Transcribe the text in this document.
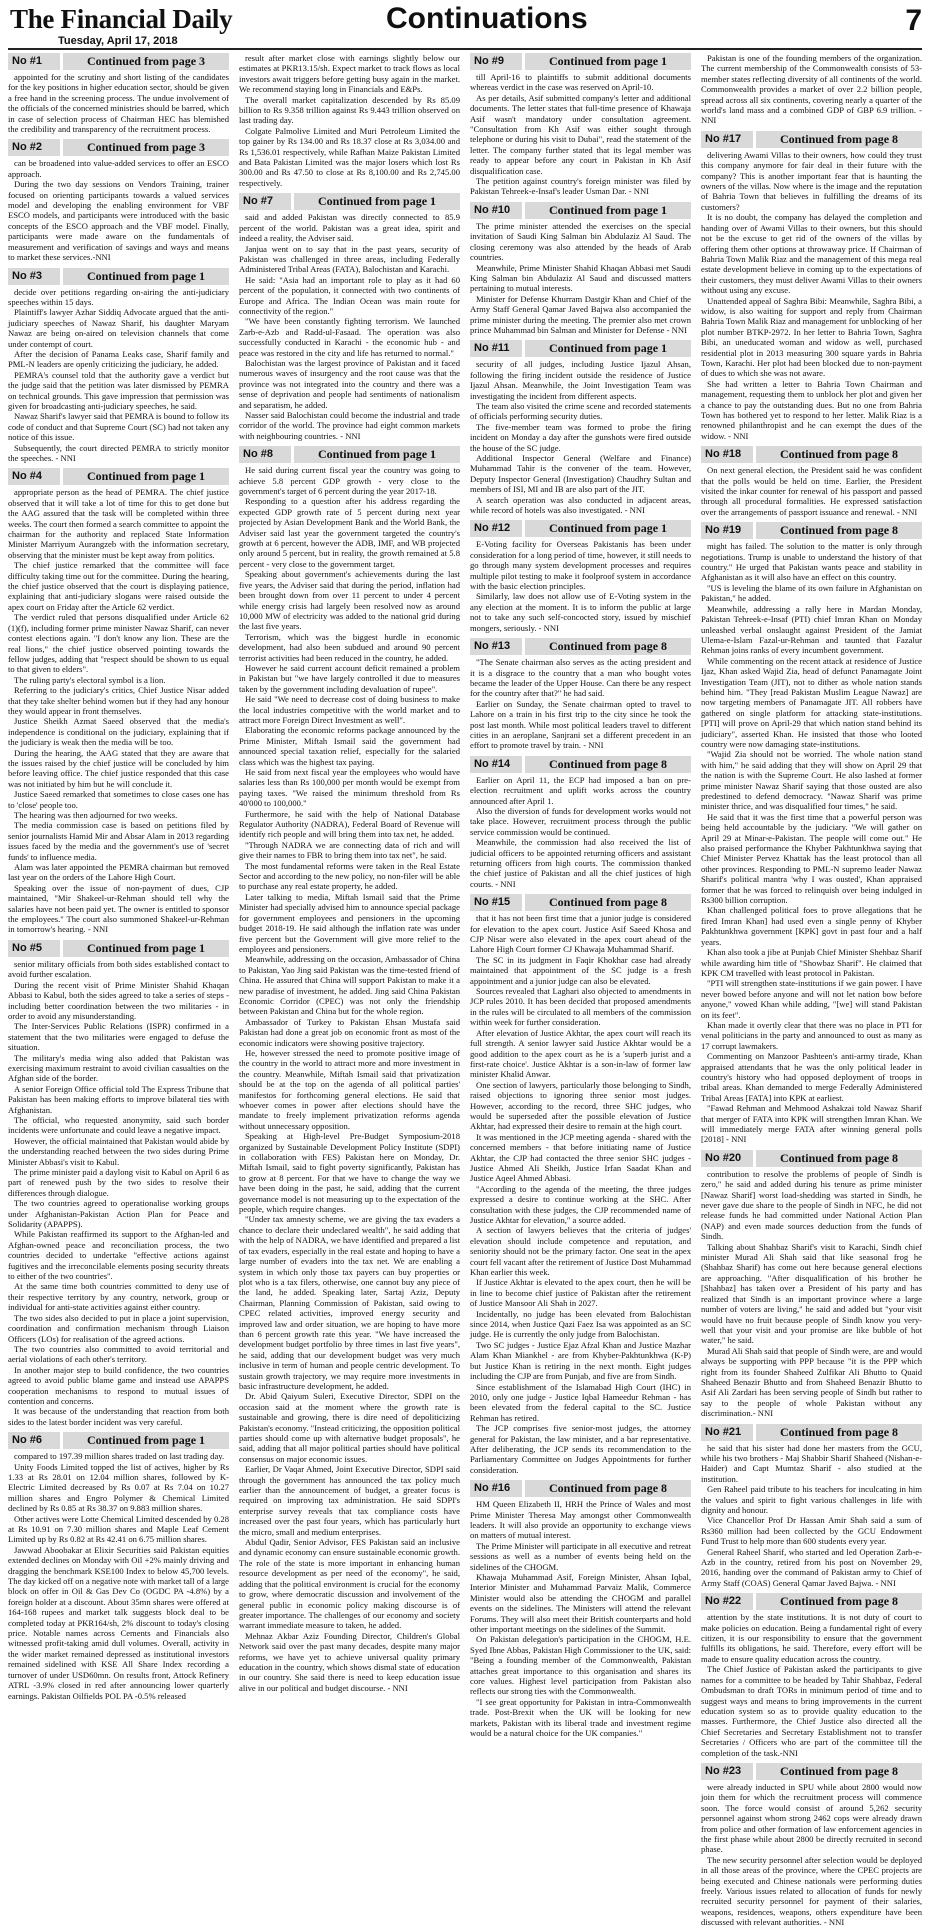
The Financial Daily
Tuesday, April 17, 2018
Continuations	7
No #1	Continued from page 3

appointed for the scrutiny and short listing of the candidates for the key positions in higher education sector, should be given a free hand in the screening process. The undue involvement of the officials of the concerned ministries should be barred, which in case of selection process of Chairman HEC has blemished the credibility and transparency of the recruitment process.

No #2	Continued from page 3

can be broadened into value-added services to offer an ESCO approach.

During the two day sessions on Vendors Training, trainer focused on orienting participants towards a valued services model and developing the enabling environment for VBF ESCO models, and participants were introduced with the basic concepts of the ESCO approach and the VBF model. Finally, participants were made aware on the fundamentals of measurement and verification of savings and ways and means to market these services.-NNI

No #3	Continued from page 1

decide over petitions regarding on-airing the anti-judiciary speeches within 15 days.

Plaintiff's lawyer Azhar Siddiq Advocate argued that the anti-judiciary speeches of Nawaz Sharif, his daughter Maryam Nawaz are being on-aired on television channels that come under contempt of court.

After the decision of Panama Leaks case, Sharif family and PML-N leaders are openly criticizing the judiciary, he added.

PEMRA's counsel told that the authority gave a verdict but the judge said that the petition was later dismissed by PEMRA on technical grounds. This gave impression that permission was given for broadcasting anti-judiciary speeches, he said.

Nawaz Sharif's lawyer said that PEMRA is bound to follow its code of conduct and that Supreme Court (SC) had not taken any notice of this issue.

Subsequently, the court directed PEMRA to strictly monitor the speeches. - NNI

No #4	Continued from page 1

appropriate person as the head of PEMRA. The chief justice observed that it will take a lot of time for this to get done but the AAG assured that the task will be completed within three weeks. The court then formed a search committee to appoint the chairman for the authority and replaced State Information Minister Marriyum Aurangzeb with the information secretary, observing that the minister must be kept away from politics.

The chief justice remarked that the committee will face difficulty taking time out for the committee. During the hearing, the chief justice observed that the court is displaying patience, explaining that anti-judiciary slogans were raised outside the apex court on Friday after the Article 62 verdict.

The verdict ruled that persons disqualified under Article 62 (1)(f), including former prime minister Nawaz Sharif, can never contest elections again. "I don't know any lion. These are the real lions," the chief justice observed pointing towards the fellow judges, adding that "respect should be shown to us equal to that given to elders".

The ruling party's electoral symbol is a lion.

Referring to the judiciary's critics, Chief Justice Nisar added that they take shelter behind women but if they had any honour they would appear in front themselves.

Justice Sheikh Azmat Saeed observed that the media's independence is conditional on the judiciary, explaining that if the judiciary is weak then the media will be too.

During the hearing, the AAG stated that they are aware that the issues raised by the chief justice will be concluded by him before leaving office. The chief justice responded that this case was not initiated by him but he will conclude it.

Justice Saeed remarked that sometimes to close cases one has to 'close' people too.

The hearing was then adjourned for two weeks.

The media commission case is based on petitions filed by senior journalists Hamid Mir and Absar Alam in 2013 regarding issues faced by the media and the government's use of 'secret funds' to influence media.

Alam was later appointed the PEMRA chairman but removed last year on the orders of the Lahore High Court.

Speaking over the issue of non-payment of dues, CJP maintained, "Mir Shakeel-ur-Rehman should tell why the salaries have not been paid yet. The owner is entitled to sponsor the employees." The court also summoned Shakeel-ur-Rehman in tomorrow's hearing. - NNI

No #5	Continued from page 1

senior military officials from both sides established contact to avoid further escalation.

During the recent visit of Prime Minister Shahid Khaqan Abbasi to Kabul, both the sides agreed to take a series of steps - including better coordination between the two militaries - in order to avoid any misunderstanding.

The Inter-Services Public Relations (ISPR) confirmed in a statement that the two militaries were engaged to defuse the situation.

The military's media wing also added that Pakistan was exercising maximum restraint to avoid civilian casualties on the Afghan side of the border.

A senior Foreign Office official told The Express Tribune that Pakistan has been making efforts to improve bilateral ties with Afghanistan.

The official, who requested anonymity, said such border incidents were unfortunate and could leave a negative impact.

However, the official maintained that Pakistan would abide by the understanding reached between the two sides during Prime Minister Abbasi's visit to Kabul.

The prime minister paid a daylong visit to Kabul on April 6 as part of renewed push by the two sides to resolve their differences through dialogue.

The two countries agreed to operationalise working groups under Afghanistan-Pakistan Action Plan for Peace and Solidarity (APAPPS).

While Pakistan reaffirmed its support to the Afghan-led and Afghan-owned peace and reconciliation process, the two countries decided to undertake "effective actions against fugitives and the irreconcilable elements posing security threats to either of the two countries".

At the same time both countries committed to deny use of their respective territory by any country, network, group or individual for anti-state activities against either country.

The two sides also decided to put in place a joint supervision, coordination and confirmation mechanism through Liaison Officers (LOs) for realisation of the agreed actions.

The two countries also committed to avoid territorial and aerial violations of each other's territory.

In another major step to build confidence, the two countries agreed to avoid public blame game and instead use APAPPS cooperation mechanisms to respond to mutual issues of contention and concerns.

It was because of the understanding that reaction from both sides to the latest border incident was very careful.

No #6	Continued from page 1

compared to 197.39 million shares traded on last trading day.

Unity Foods Limited topped the list of actives, higher by Rs 1.33 at Rs 28.01 on 12.04 million shares, followed by K-Electric Limited decreased by Rs 0.07 at Rs 7.04 on 10.27 million shares and Engro Polymer & Chemical Limited declined by Rs 0.85 at Rs 38.37 on 9.883 million shares.

Other actives were Lotte Chemical Limited descended by 0.28 at Rs 10.91 on 7.30 million shares and Maple Leaf Cement Limited up by Rs 0.82 at Rs 42.41 on 6.75 million shares.

Jawwad Aboobakar at Elixir Securities said Pakistan equities extended declines on Monday with Oil +2% mainly driving and dragging the benchmark KSE100 Index to below 45,700 levels. The day kicked off on a negative note with market tall of a large block on offer in Oil & Gas Dev Co (OGDC PA -4.8%) by a foreign holder at a discount. About 35mn shares were offered at 164-168 rupees and market talk suggests block deal to be completed today at PKR164/sh, 2% discount to today's closing price. Notable names across Cements and Financials also witnessed profit-taking amid dull volumes. Overall, activity in the wider market remained depressed as institutional investors remained sidelined with KSE All Share Index recording a turnover of under USD60mn. On results front, Attock Refinery ATRL -3.9% closed in red after announcing lower quarterly earnings. Pakistan Oilfields POL PA -0.5% released

result after market close with earnings slightly below our estimates at PKR13.15/sh. Expect market to track flows as local investors await triggers before getting busy again in the market. We recommend staying long in Financials and E&Ps.

The overall market capitalization descended by Rs 85.09 billion to Rs 9.358 trillion against Rs 9.443 trillion observed on last trading day.

Colgate Palmolive Limited and Muri Petroleum Limited the top gainer by Rs 134.00 and Rs 18.37 close at Rs 3,034.00 and Rs 1,536.01 respectively, while Rafhan Maize Pakistan Limited and Bata Pakistan Limited was the major losers which lost Rs 300.00 and Rs 47.50 to close at Rs 8,100.00 and Rs 2,745.00 respectively.

No #7	Continued from page 1

said and added Pakistan was directly connected to 85.9 percent of the world. Pakistan was a great idea, spirit and indeed a reality, the Adviser said.

Janjua went on to say that in the past years, security of Pakistan was challenged in three areas, including Federally Administered Tribal Areas (FATA), Balochistan and Karachi.

He said: "Asia had an important role to play as it had 60 percent of the population, it connected with two continents of Europe and Africa. The Indian Ocean was main route for connectivity of the region."

"We have been constantly fighting terrorism. We launched Zarb-e-Azb and Radd-ul-Fasaad. The operation was also successfully conducted in Karachi - the economic hub - and peace was restored in the city and life has returned to normal."

Balochistan was the largest province of Pakistan and it faced numerous waves of insurgency and the root cause was that the province was not integrated into the country and there was a sense of deprivation and people had sentiments of nationalism and separatism, he added.

Nasser said Balochistan could become the industrial and trade corridor of the world. The province had eight common markets with neighbouring countries. - NNI

No #8	Continued from page 1

He said during current fiscal year the country was going to achieve 5.8 percent GDP growth - very close to the government's target of 6 percent during the year 2017-18.

Responding to a question after his address regarding the expected GDP growth rate of 5 percent during next year projected by Asian Development Bank and the World Bank, the Adviser said last year the government targeted the country's growth at 6 percent, however the ADB, IMF, and WB projected only around 5 percent, but in reality, the growth remained at 5.8 percent - very close to the government target.

Speaking about government's achievements during the last five years, the Adviser said that during the period, inflation had been brought down from over 11 percent to under 4 percent while energy crisis had largely been resolved now as around 10,000 MW of electricity was added to the national grid during the last five years.

Terrorism, which was the biggest hurdle in economic development, had also been subdued and around 90 percent terrorist activities had been reduced in the country, he added.

However he said current account deficit remained a problem in Pakistan but "we have largely controlled it due to measures taken by the government including devaluation of rupee".

He said "We need to decrease cost of doing business to make the local industries competitive with the world market and to attract more Foreign Direct Investment as well".

Elaborating the economic reforms package announced by the Prime Minister, Miftah Ismail said the government had announced special taxation relief, especially for the salaried class which was the highest tax paying.

He said from next fiscal year the employees who would have salaries less than Rs 100,000 per month would be exempt from paying taxes. "We raised the minimum threshold from Rs 40'000 to 100,000."

Furthermore, he said with the help of National Database Regulator Authority (NADRA), Federal Board of Revenue will identify rich people and will bring them into tax net, he added.

"Through NADRA we are connecting data of rich and will give their names to FBR to bring them into tax net", he said.

The most fundamental reforms were taken in the Real Estate Sector and according to the new policy, no non-filer will be able to purchase any real estate property, he added.

Later talking to media, Miftah Ismail said that the Prime Minister had specially advised him to announce special package for government employees and pensioners in the upcoming budget 2018-19. He said although the inflation rate was under five percent but the Government will give more relief to the employees and pensioners.

Meanwhile, addressing on the occasion, Ambassador of China to Pakistan, Yao Jing said Pakistan was the time-tested friend of China. He assured that China will support Pakistan to make it a new paradise of investment, he added. Jing said China Pakistan Economic Corridor (CPEC) was not only the friendship between Pakistan and China but for the whole region.

Ambassador of Turkey to Pakistan Ehsan Mustafa said Pakistan had done a great job on economic front as most of the economic indicators were showing positive trajectory.

He, however stressed the need to promote positive image of the country in the world to attract more and more investment in the country. Meanwhile, Miftah Ismail said that privatization should be at the top on the agenda of all political parties' manifestos for forthcoming general elections. He said that whoever comes in power after elections should have the mandate to freely implement privatization reforms agenda without unnecessary opposition.

Speaking at High-level Pre-Budget Symposium-2018 organized by Sustainable Development Policy Institute (SDPI) in collaboration with FES) Pakistan here on Monday, Dr. Miftah Ismail, said to fight poverty significantly, Pakistan has to grow at 8 percent. For that we have to change the way we have been doing in the past, he said, adding that the current governance model is not measuring up to the expectation of the people, which require changes.

"Under tax amnesty scheme, we are giving the tax evaders a chance to declare their undeclared wealth", he said adding that with the help of NADRA, we have identified and prepared a list of tax evaders, especially in the real estate and hoping to have a large number of evaders into the tax net. We are enabling a system in which only those tax payers can buy properties or plot who is a tax filers, otherwise, one cannot buy any piece of the land, he added. Speaking later, Sartaj Aziz, Deputy Chairman, Planning Commission of Pakistan, said owing to CPEC related activities, improved energy security and improved law and order situation, we are hoping to have more than 6 percent growth rate this year. "We have increased the development budget portfolio by three times in last five years", he said, adding that our development budget was very much inclusive in term of human and people centric development. To sustain growth trajectory, we may require more investments in basic infrastructure development, he added.

Dr. Abid Qaiyum Suleri, Executive Director, SDPI on the occasion said at the moment where the growth rate is sustainable and growing, there is dire need of depoliticizing Pakistan's economy. "Instead criticizing, the opposition political parties should come up with alternative budget proposals", he said, adding that all major political parties should have political consensus on major economic issues.

Earlier, Dr Vaqar Ahmed, Joint Executive Director, SDPI said through the government has announced the tax policy much earlier than the announcement of budget, a greater focus is required on improving tax administration. He said SDPI's enterprise survey reveals that tax compliance costs have increased over the past four years, which has particularly hurt the micro, small and medium enterprises.

Abdul Qadir, Senior Advisor, FES Pakistan said an inclusive and dynamic economy can ensure sustainable economic growth. The role of the state is more important in enhancing human resource development as per need of the economy", he said, adding that the political environment is crucial for the economy to grow, where democratic discussion and involvement of the general public in economic policy making discourse is of greater importance. The challenges of our economy and society warrant immediate measure to taken, he added.

Mehnaz Akbar Aziz Founding Director, Children's Global Network said over the past many decades, despite many major reforms, we have yet to achieve universal quality primary education in the country, which shows dismal state of education in our country. She said there is need to keep education issue alive in our political and budget discourse. - NNI

No #9	Continued from page 1

till April-16 to plaintiffs to submit additional documents whereas verdict in the case was reserved on April-10.

As per details, Asif submitted company's letter and additional documents. The letter states that full-time presence of Khawaja Asif wasn't mandatory under consultation agreement. "Consultation from Kh Asif was either sought through telephone or during his visit to Dubai", read the statement of the letter. The company further stated that its legal member was ready to appear before any court in Pakistan in Kh Asif disqualification case.

The petition against country's foreign minister was filed by Pakistan Tehreek-e-Insaf's leader Usman Dar. - NNI

No #10	Continued from page 1

The prime minister attended the exercises on the special invitation of Saudi King Salman bin Abdulaziz Al Saud. The closing ceremony was also attended by the heads of Arab countries.

Meanwhile, Prime Minister Shahid Khaqan Abbasi met Saudi King Salman bin Abdulaziz Al Saud and discussed matters pertaining to mutual interests.

Minister for Defense Khurram Dastgir Khan and Chief of the Army Staff General Qamar Javed Bajwa also accompanied the prime minister during the meeting. The premier also met crown prince Muhammad bin Salman and Minister for Defense - NNI

No #11	Continued from page 1

security of all judges, including Justice Ijazul Ahsan, following the firing incident outside the residence of Justice Ijazul Ahsan. Meanwhile, the Joint Investigation Team was investigating the incident from different aspects.

The team also visited the crime scene and recorded statements of officials performing security duties.

The five-member team was formed to probe the firing incident on Monday a day after the gunshots were fired outside the house of the SC judge.

Additional Inspector General (Welfare and Finance) Muhammad Tahir is the convener of the team. However, Deputy Inspector General (Investigation) Chaudhry Sultan and members of ISI, MI and IB are also part of the JIT.

A search operation was also conducted in adjacent areas, while record of hotels was also investigated. - NNI

No #12	Continued from page 1

E-Voting facility for Overseas Pakistanis has been under consideration for a long period of time, however, it still needs to go through many system development processes and requires multiple pilot testing to make it foolproof system in accordance with the basic election principles.

Similarly, law does not allow use of E-Voting system in the any election at the moment. It is to inform the public at large not to take any such self-concocted story, issued by mischief mongers, seriously. - NNI

No #13	Continued from page 8

"The Senate chairman also serves as the acting president and it is a disgrace to the country that a man who bought votes became the leader of the Upper House. Can there be any respect for the country after that?" he had said.

Earlier on Sunday, the Senate chairman opted to travel to Lahore on a train in his first trip to the city since he took the post last month. While most political leaders travel to different cities in an aeroplane, Sanjrani set a different precedent in an effort to promote travel by train. - NNI

No #14	Continued from page 8

Earlier on April 11, the ECP had imposed a ban on pre-election recruitment and uplift works across the country announced after April 1.

Also the diversion of funds for development works would not take place. However, recruitment process through the public service commission would be continued.

Meanwhile, the commission had also received the list of judicial officers to be appointed returning officers and assistant returning officers from high courts. The commission thanked the chief justice of Pakistan and all the chief justices of high courts. - NNI

No #15	Continued from page 8

that it has not been first time that a junior judge is considered for elevation to the apex court. Justice Asif Saeed Khosa and CJP Nisar were also elevated in the apex court ahead of the Lahore High Court former CJ Khawaja Muhammad Sharif.

The SC in its judgment in Faqir Khokhar case had already maintained that appointment of the SC judge is a fresh appointment and a junior judge can also be elevated.

Sources revealed that Laghari also objected to amendments in JCP rules 2010. It has been decided that proposed amendments in the rules will be circulated to all members of the commission within week for further consideration.

After elevation of Justice Akhtar, the apex court will reach its full strength. A senior lawyer said Justice Akhtar would be a good addition to the apex court as he is a 'superb jurist and a first-rate choice'. Justice Akhtar is a son-in-law of former law minister Khalid Anwar.

One section of lawyers, particularly those belonging to Sindh, raised objections to ignoring three senior most judges. However, according to the record, three SHC judges, who would be superseded after the possible elevation of Justice Akhtar, had expressed their desire to remain at the high court.

It was mentioned in the JCP meeting agenda - shared with the concerned members - that before initiating name of Justice Akhtar, the CJP had contacted the three senior SHC judges - Justice Ahmed Ali Sheikh, Justice Irfan Saadat Khan and Justice Aqeel Ahmed Abbasi.

"According to the agenda of the meeting, the three judges expressed a desire to continue working at the SHC. After consultation with these judges, the CJP recommended name of Justice Akhtar for elevation," a source added.

A section of lawyers believes that the criteria of judges' elevation should include competence and reputation, and seniority should not be the primary factor. One seat in the apex court fell vacant after the retirement of Justice Dost Muhammad Khan earlier this week.

If Justice Akhtar is elevated to the apex court, then he will be in line to become chief justice of Pakistan after the retirement of Justice Mansoor Ali Shah in 2027.

Incidentally, no judge has been elevated from Balochistan since 2014, when Justice Qazi Faez Isa was appointed as an SC judge. He is currently the only judge from Balochistan.

Two SC judges - Justice Ejaz Afzal Khan and Justice Mazhar Alam Khan Miankhel - are from Khyber-Pakhtunkhwa (K-P) but Justice Khan is retiring in the next month. Eight judges including the CJP are from Punjab, and five are from Sindh.

Since establishment of the Islamabad High Court (IHC) in 2010, only one judge - Justice Iqbal Hameedur Rehman - has been elevated from the federal capital to the SC. Justice Rehman has retired.

The JCP comprises five senior-most judges, the attorney general for Pakistan, the law minister, and a bar representative. After deliberating, the JCP sends its recommendation to the Parliamentary Committee on Judges Appointments for further consideration.

No #16	Continued from page 8

HM Queen Elizabeth II, HRH the Prince of Wales and most Prime Minister Theresa May amongst other Commonwealth leaders. It will also provide an opportunity to exchange views on matters of mutual interest.

The Prime Minister will participate in all executive and retreat sessions as well as a number of events being held on the sidelines of the CHOGM.

Khawaja Muhammad Asif, Foreign Minister, Ahsan Iqbal, Interior Minister and Muhammad Parvaiz Malik, Commerce Minister would also be attending the CHOGM and parallel events on the sidelines. The Ministers will attend the relevant Forums. They will also meet their British counterparts and hold other important meetings on the sidelines of the Summit.

On Pakistan delegation's participation in the CHOGM, H.E. Syed Ibne Abbas, Pakistan High Commissioner to the UK, said: "Being a founding member of the Commonwealth, Pakistan attaches great importance to this organisation and shares its core values. Highest level participation from Pakistan also reflects our strong ties with the Commonwealth.

"I see great opportunity for Pakistan in intra-Commonwealth trade. Post-Brexit when the UK will be looking for new markets, Pakistan with its liberal trade and investment regime would be a natural choice for the UK companies."

Pakistan is one of the founding members of the organization. The current membership of the Commonwealth consists of 53-member states reflecting diversity of all continents of the world. Commonwealth provides a market of over 2.2 billion people, spread across all six continents, covering nearly a quarter of the world's land mass and a combined GDP of GBP 6.9 trillion. - NNI

No #17	Continued from page 8

delivering Awami Villas to their owners, how could they trust this company anymore for fair deal in their future with the company? This is another important fear that is haunting the owners of the villas. Now where is the image and the reputation of Bahria Town that believes in fulfilling the dreams of its customers?

It is no doubt, the company has delayed the completion and handing over of Awami Villas to their owners, but this should not be the excuse to get rid of the owners of the villas by offering them other options at throwaway price. If Chairman of Bahria Town Malik Riaz and the management of this mega real estate development believe in coming up to the expectations of their customers, they must deliver Awami Villas to their owners without using any excuse.

Unattended appeal of Saghra Bibi: Meanwhile, Saghra Bibi, a widow, is also waiting for support and reply from Chairman Bahria Town Malik Riaz and management for unblocking of her plot number BTKP-2972. In her letter to Bahria Town, Saghra Bibi, an uneducated woman and widow as well, purchased residential plot in 2013 measuring 300 square yards in Bahria Town, Karachi. Her plot had been blocked due to non-payment of dues to which she was not aware.

She had written a letter to Bahria Town Chairman and management, requesting them to unblock her plot and given her a chance to pay the outstanding dues. But no one from Bahria Town has bothered yet to respond to her letter. Malik Riaz is a renowned philanthropist and he can exempt the dues of the widow. - NNI

No #18	Continued from page 8

On next general election, the President said he was confident that the polls would be held on time. Earlier, the President visited the inkar counter for renewal of his passport and passed through all procedural formalities. He expressed satisfaction over the arrangements of passport issuance and renewal. - NNI

No #19	Continued from page 8

might has failed. The solution to the matter is only through negotiations. Trump is unable to understand the history of that country." He urged that Pakistan wants peace and stability in Afghanistan as it will also have an effect on this country.

"US is leveling the blame of its own failure in Afghanistan on Pakistan," he added.

Meanwhile, addressing a rally here in Mardan Monday, Pakistan Tehreek-e-Insaf (PTI) chief Imran Khan on Monday unleashed verbal onslaught against President of the Jamiat Ulema-e-Islam Fazal-ur-Rehman and taunted that Fazalur Rehman joins ranks of every incumbent government.

While commenting on the recent attack at residence of Justice Ijaz, Khan asked Wajid Zia, head of defunct Panamagate Joint Investigation Team (JIT), not to dither as whole nation stands behind him. "They [read Pakistan Muslim League Nawaz] are now targeting members of Panamagate JIT. All robbers have gathered on single platform for attacking state-institutions. [PTI] will prove on April-29 that which nation stand behind its judiciary", asserted Khan. He insisted that those who looted country were now damaging state-institutions.

"Wajid Zia should not be worried. The whole nation stand with him," he said adding that they will show on April 29 that the nation is with the Supreme Court. He also lashed at former prime minister Nawaz Sharif saying that those ousted are also predestined to defend democracy. "Nawaz Sharif was prime minister thrice, and was disqualified four times," he said.

He said that it was the first time that a powerful person was being held accountable by the judiciary. "We will gather on April 29 at Minar-e-Pakistan. The people will come out." He also praised performance the Khyber Pakhtunkhwa saying that Chief Minister Pervez Khattak has the least protocol than all other provinces. Responding to PML-N supremo leader Nawaz Sharif's political mantra 'why I was ousted', Khan appraised former that he was forced to relinquish over being indulged in Rs300 billion corruption.

Khan challenged political foes to prove allegations that he fired Imran Khan] had used even a single penny of Khyber Pakhtunkhwa government [KPK] govt in past four and a half years.

Khan also took a jibe at Punjab Chief Minister Shehbaz Sharif while awarding him title of "Showbaz Sharif". He claimed that KPK CM travelled with least protocol in Pakistan.

"PTI will strengthen state-institutions if we gain power. I have never bowed before anyone and will not let nation bow before anyone," vowed Khan while adding, "[we] will stand Pakistan on its feet".

Khan made it overtly clear that there was no place in PTI for venal politicians in the party and announced to oust as many as 17 corrupt lawmakers.

Commenting on Manzoor Pashteen's anti-army tirade, Khan appraised attendants that he was the only political leader in country's history who had opposed deployment of troops in tribal areas. Khan demanded to merge Federally Administered Tribal Areas [FATA] into KPK at earliest.

"Fawad Rehman and Mehmood Ashakzai told Nawaz Sharif that merger of FATA into KPK will strengthen Imran Khan. We will immediately merge FATA after winning general polls [2018] - NNI

No #20	Continued from page 8

contribution to resolve the problems of people of Sindh is zero," he said and added during his tenure as prime minister [Nawaz Sharif] worst load-shedding was started in Sindh, he never gave due share to the people of Sindh in NFC, he did not release funds he had committed under National Action Plan (NAP) and even made sources deduction from the funds of Sindh.

Talking about Shahbaz Sharif's visit to Karachi, Sindh chief minister Murad Ali Shah said that like seasonal frog he (Shahbaz Sharif) has come out here because general elections are approaching. "After disqualification of his brother he [Shahbaz] has taken over a President of his party and has realized that Sindh is an important province where a large number of voters are living," he said and added but "your visit would have no fruit because people of Sindh know you very-well that your visit and your promise are like bubble of hot water," he said.

Murad Ali Shah said that people of Sindh were, are and would always be supporting with PPP because "it is the PPP which right from its founder Shaheed Zulfikar Ali Bhutto to Quaid Shaheed Benazir Bhutto and from Shaheed Benazir Bhutto to Asif Ali Zardari has been serving people of Sindh but rather to say to the people of whole Pakistan without any discrimination.- NNI

No #21	Continued from page 8

he said that his sister had done her masters from the GCU, while his two brothers - Maj Shabbir Sharif Shaheed (Nishan-e-Haider) and Capt Mumtaz Sharif - also studied at the institution.

Gen Raheel paid tribute to his teachers for inculcating in him the values and spirit to fight various challenges in life with dignity and honour.

Vice Chancellor Prof Dr Hassan Amir Shah said a sum of Rs360 million had been collected by the GCU Endowment Fund Trust to help more than 600 students every year.

General Raheel Sharif, who started and led Operation Zarb-e-Azb in the country, retired from his post on November 29, 2016, handing over the command of Pakistan army to Chief of Army Staff (COAS) General Qamar Javed Bajwa. - NNI

No #22	Continued from page 8

attention by the state institutions. It is not duty of court to make policies on education. Being a fundamental right of every citizen, it is our responsibility to ensure that the government fulfills its obligations, he said. Therefore, every effort will be made to ensure quality education across the country.

The Chief Justice of Pakistan asked the participants to give names for a committee to be headed by Tahir Shahbaz, Federal Ombudsman to draft TORs in minimum period of time and to suggest ways and means to bring improvements in the current education system so as to provide quality education to the masses. Furthermore, the Chief Justice also directed all the Chief Secretaries and Secretary Establishment not to transfer Secretaries / Officers who are part of the committee till the completion of the task.-NNI

No #23	Continued from page 8

were already inducted in SPU while about 2800 would now join them for which the recruitment process will commence soon. The force would consist of around 5,262 security personnel against whom strong 2462 cops were already drawn from police and other formation of law enforcement agencies in the first phase while about 2800 be directly recruited in second phase.

The new security personnel after selection would be deployed in all those areas of the province, where the CPEC projects are being executed and Chinese nationals were performing duties freely. Various issues related to allocation of funds for newly recruited security personnel for payment of their salaries, weapons, residences, weapons, others expenditure have been discussed with relevant authorities. - NNI
